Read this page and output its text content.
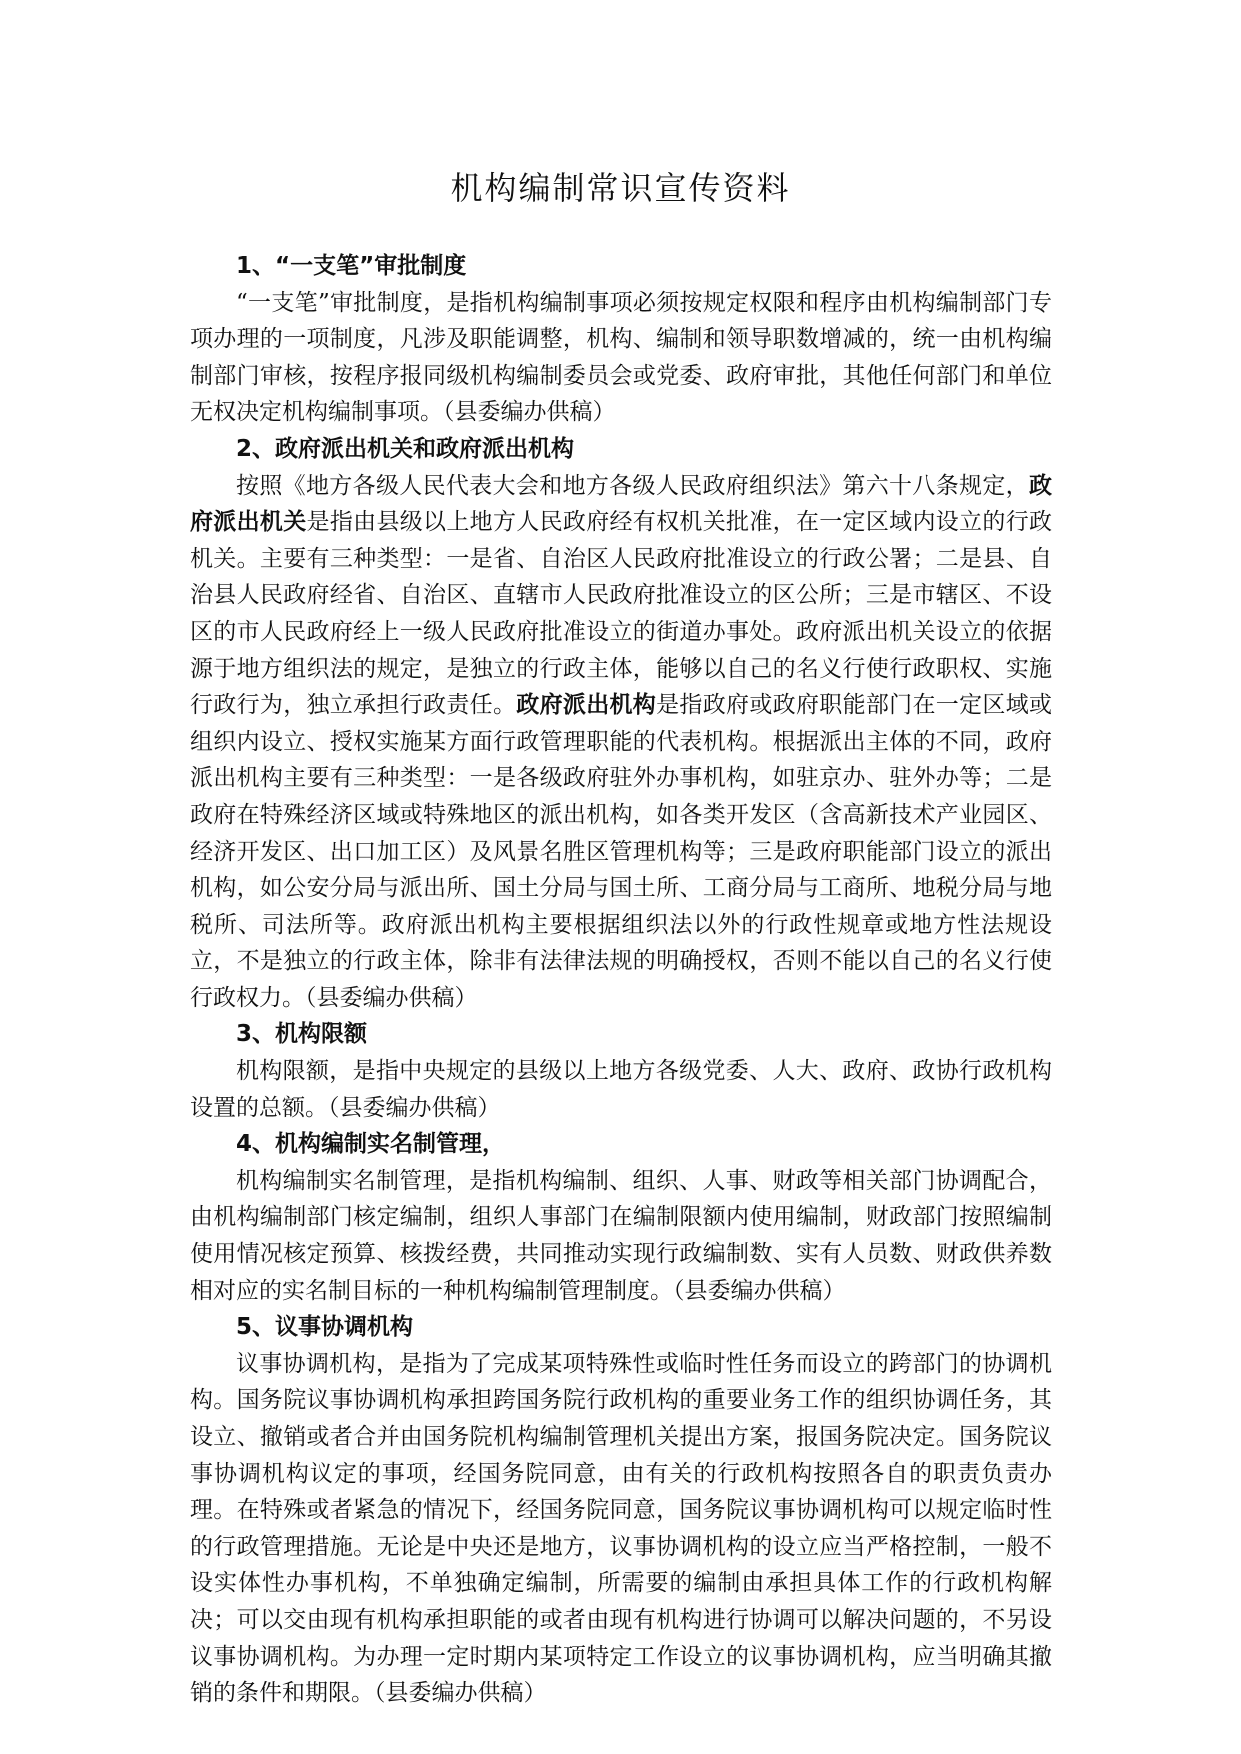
机构编制常识宣传资料
1、“一支笔”审批制度

“一支笔”审批制度，是指机构编制事项必须按规定权限和程序由机构编制部门专项办理的一项制度，凡涉及职能调整，机构、编制和领导职数增减的，统一由机构编制部门审核，按程序报同级机构编制委员会或党委、政府审批，其他任何部门和单位无权决定机构编制事项。（县委编办供稿）

2、政府派出机关和政府派出机构

按照《地方各级人民代表大会和地方各级人民政府组织法》第六十八条规定，政府派出机关是指由县级以上地方人民政府经有权机关批准，在一定区域内设立的行政机关。主要有三种类型：一是省、自治区人民政府批准设立的行政公署；二是县、自治县人民政府经省、自治区、直辖市人民政府批准设立的区公所；三是市辖区、不设区的市人民政府经上一级人民政府批准设立的街道办事处。政府派出机关设立的依据源于地方组织法的规定，是独立的行政主体，能够以自己的名义行使行政职权、实施行政行为，独立承担行政责任。政府派出机构是指政府或政府职能部门在一定区域或组织内设立、授权实施某方面行政管理职能的代表机构。根据派出主体的不同，政府派出机构主要有三种类型：一是各级政府驻外办事机构，如驻京办、驻外办等；二是政府在特殊经济区域或特殊地区的派出机构，如各类开发区（含高新技术产业园区、经济开发区、出口加工区）及风景名胜区管理机构等；三是政府职能部门设立的派出机构，如公安分局与派出所、国土分局与国土所、工商分局与工商所、地税分局与地税所、司法所等。政府派出机构主要根据组织法以外的行政性规章或地方性法规设立，不是独立的行政主体，除非有法律法规的明确授权，否则不能以自己的名义行使行政权力。（县委编办供稿）

3、机构限额

机构限额，是指中央规定的县级以上地方各级党委、人大、政府、政协行政机构设置的总额。（县委编办供稿）

4、机构编制实名制管理，

机构编制实名制管理，是指机构编制、组织、人事、财政等相关部门协调配合，由机构编制部门核定编制，组织人事部门在编制限额内使用编制，财政部门按照编制使用情况核定预算、核拨经费，共同推动实现行政编制数、实有人员数、财政供养数相对应的实名制目标的一种机构编制管理制度。（县委编办供稿）

5、议事协调机构

议事协调机构，是指为了完成某项特殊性或临时性任务而设立的跨部门的协调机构。国务院议事协调机构承担跨国务院行政机构的重要业务工作的组织协调任务，其设立、撤销或者合并由国务院机构编制管理机关提出方案，报国务院决定。国务院议事协调机构议定的事项，经国务院同意，由有关的行政机构按照各自的职责负责办理。在特殊或者紧急的情况下，经国务院同意，国务院议事协调机构可以规定临时性的行政管理措施。无论是中央还是地方，议事协调机构的设立应当严格控制，一般不设实体性办事机构，不单独确定编制，所需要的编制由承担具体工作的行政机构解决；可以交由现有机构承担职能的或者由现有机构进行协调可以解决问题的，不另设议事协调机构。为办理一定时期内某项特定工作设立的议事协调机构，应当明确其撤销的条件和期限。（县委编办供稿）
